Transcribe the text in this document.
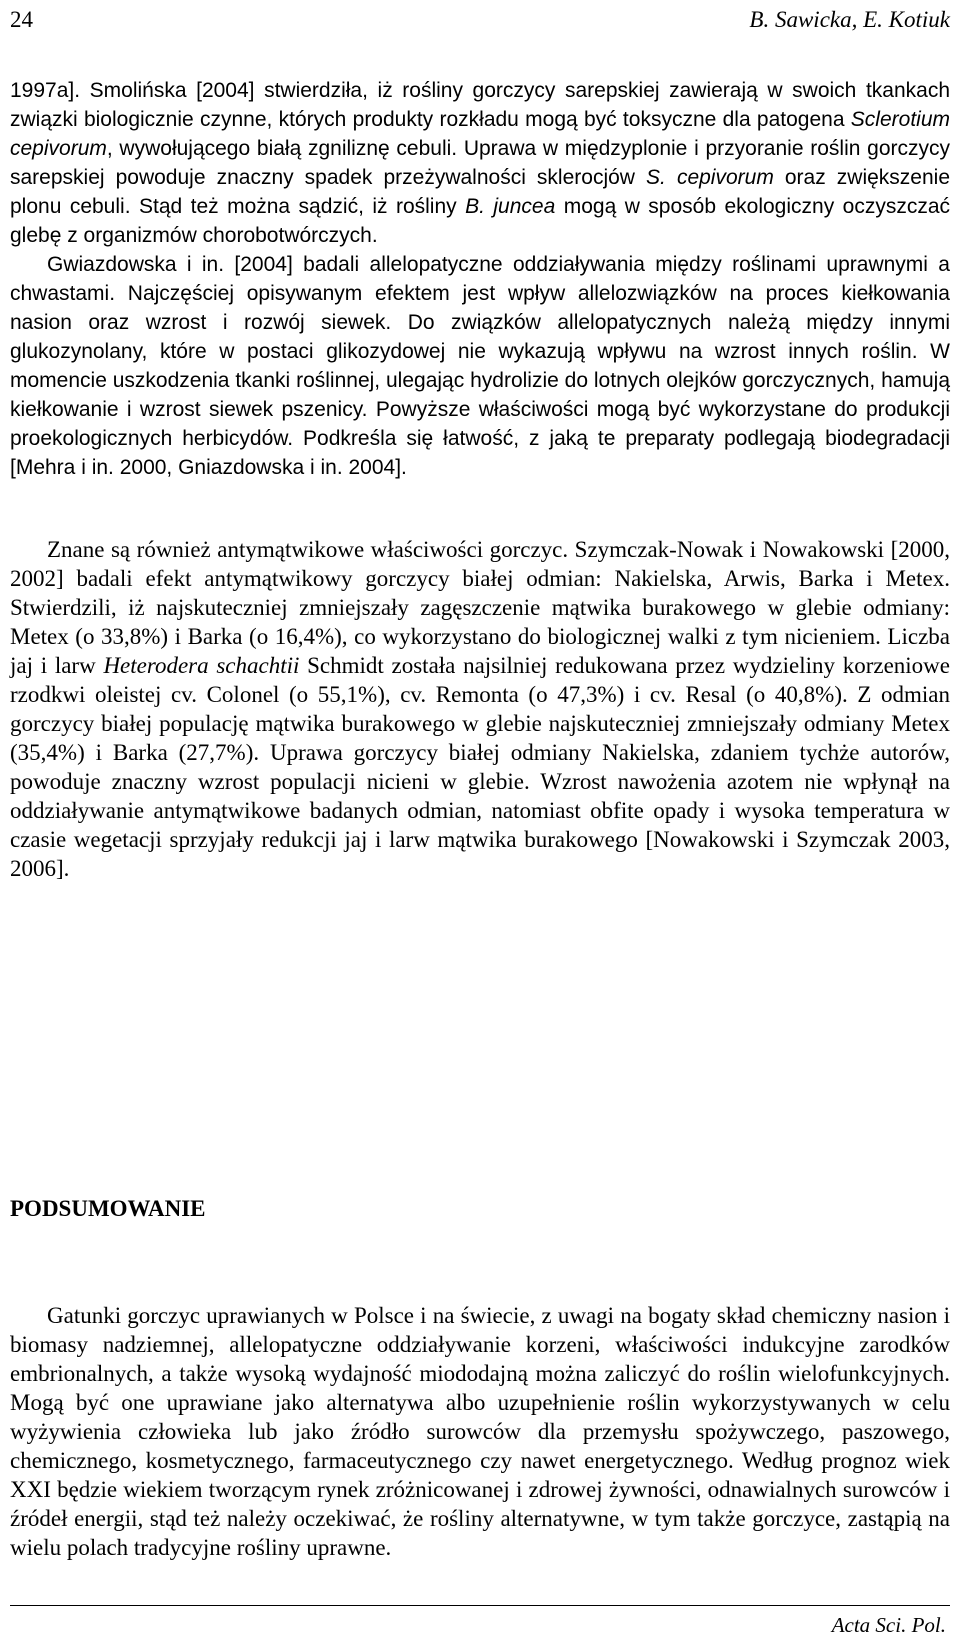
24	B. Sawicka, E. Kotiuk

1997a]. Smolińska [2004] stwierdziła, iż rośliny gorczycy sarepskiej zawierają w swoich tkankach związki biologicznie czynne, których produkty rozkładu mogą być toksyczne dla patogena Sclerotium cepivorum, wywołującego białą zgniliznę cebuli. Uprawa w międzyplonie i przyoranie roślin gorczycy sarepskiej powoduje znaczny spadek przeżywalności sklerocjów S. cepivorum oraz zwiększenie plonu cebuli. Stąd też można sądzić, iż rośliny B. juncea mogą w sposób ekologiczny oczyszczać glebę z organizmów chorobotwórczych.

Gwiazdowska i in. [2004] badali allelopatyczne oddziaływania między roślinami uprawnymi a chwastami. Najczęściej opisywanym efektem jest wpływ allelozwiązków na proces kiełkowania nasion oraz wzrost i rozwój siewek. Do związków allelopatycznych należą między innymi glukozynolany, które w postaci glikozydowej nie wykazują wpływu na wzrost innych roślin. W momencie uszkodzenia tkanki roślinnej, ulegając hydrolizie do lotnych olejków gorczycznych, hamują kiełkowanie i wzrost siewek pszenicy. Powyższe właściwości mogą być wykorzystane do produkcji proekologicznych herbicydów. Podkreśla się łatwość, z jaką te preparaty podlegają biodegradacji [Mehra i in. 2000, Gniazdowska i in. 2004].

Znane są również antymątwikowe właściwości gorczyc. Szymczak-Nowak i Nowakowski [2000, 2002] badali efekt antymątwikowy gorczycy białej odmian: Nakielska, Arwis, Barka i Metex. Stwierdzili, iż najskuteczniej zmniejszały zagęszczenie mątwika burakowego w glebie odmiany: Metex (o 33,8%) i Barka (o 16,4%), co wykorzystano do biologicznej walki z tym nicieniem. Liczba jaj i larw Heterodera schachtii Schmidt została najsilniej redukowana przez wydzieliny korzeniowe rzodkwi oleistej cv. Colonel (o 55,1%), cv. Remonta (o 47,3%) i cv. Resal (o 40,8%). Z odmian gorczycy białej populację mątwika burakowego w glebie najskuteczniej zmniejszały odmiany Metex (35,4%) i Barka (27,7%). Uprawa gorczycy białej odmiany Nakielska, zdaniem tychże autorów, powoduje znaczny wzrost populacji nicieni w glebie. Wzrost nawożenia azotem nie wpłynął na oddziaływanie antymątwikowe badanych odmian, natomiast obfite opady i wysoka temperatura w czasie wegetacji sprzyjały redukcji jaj i larw mątwika burakowego [Nowakowski i Szymczak 2003, 2006].

PODSUMOWANIE

Gatunki gorczyc uprawianych w Polsce i na świecie, z uwagi na bogaty skład chemiczny nasion i biomasy nadziemnej, allelopatyczne oddziaływanie korzeni, właściwości indukcyjne zarodków embrionalnych, a także wysoką wydajność miododajną można zaliczyć do roślin wielofunkcyjnych. Mogą być one uprawiane jako alternatywa albo uzupełnienie roślin wykorzystywanych w celu wyżywienia człowieka lub jako źródło surowców dla przemysłu spożywczego, paszowego, chemicznego, kosmetycznego, farmaceutycznego czy nawet energetycznego. Według prognoz wiek XXI będzie wiekiem tworzącym rynek zróżnicowanej i zdrowej żywności, odnawialnych surowców i źródeł energii, stąd też należy oczekiwać, że rośliny alternatywne, w tym także gorczyce, zastąpią na wielu polach tradycyjne rośliny uprawne.

Acta Sci. Pol.
